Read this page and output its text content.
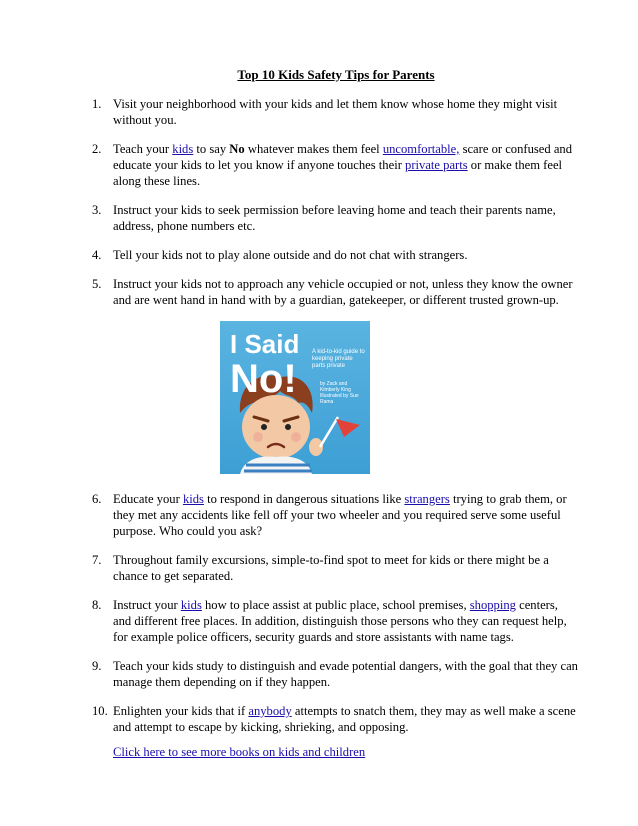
Top 10 Kids Safety Tips for Parents
1. Visit your neighborhood with your kids and let them know whose home they might visit without you.
2. Teach your kids to say No whatever makes them feel uncomfortable, scare or confused and educate your kids to let you know if anyone touches their private parts or make them feel along these lines.
3. Instruct your kids to seek permission before leaving home and teach their parents name, address, phone numbers etc.
4. Tell your kids not to play alone outside and do not chat with strangers.
5. Instruct your kids not to approach any vehicle occupied or not, unless they know the owner and are went hand in hand with by a guardian, gatekeeper, or different trusted grown-up.
I Said
No!
A kid-to-kid guide to keeping private parts private
by Zack and Kimberly King
Illustrated by Sue Rama
6. Educate your kids to respond in dangerous situations like strangers trying to grab them, or they met any accidents like fell off your two wheeler and you required serve some useful purpose. Who could you ask?
7. Throughout family excursions, simple-to-find spot to meet for kids or there might be a chance to get separated.
8. Instruct your kids how to place assist at public place, school premises, shopping centers, and different free places. In addition, distinguish those persons who they can request help, for example police officers, security guards and store assistants with name tags.
9. Teach your kids study to distinguish and evade potential dangers, with the goal that they can manage them depending on if they happen.
10. Enlighten your kids that if anybody attempts to snatch them, they may as well make a scene and attempt to escape by kicking, shrieking, and opposing.
Click here to see more books on kids and children
